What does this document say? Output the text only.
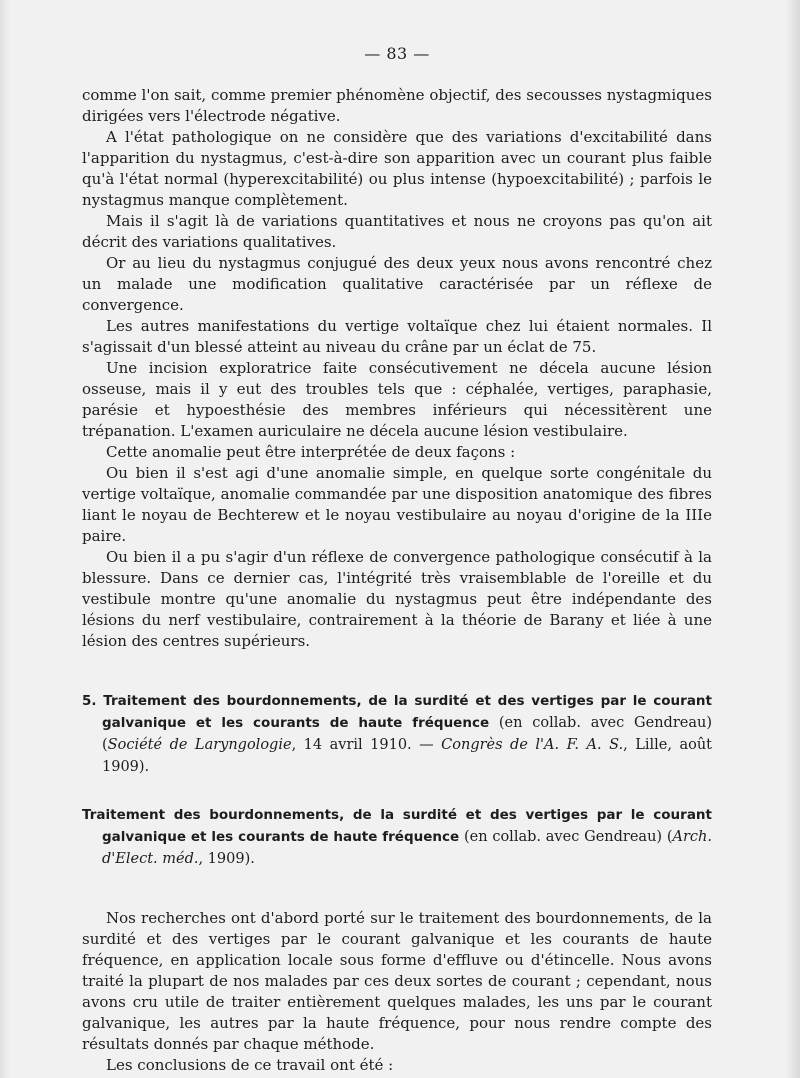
— 83 —

comme l'on sait, comme premier phénomène objectif, des secousses nystagmiques dirigées vers l'électrode négative.

A l'état pathologique on ne considère que des variations d'excitabilité dans l'apparition du nystagmus, c'est-à-dire son apparition avec un courant plus faible qu'à l'état normal (hyperexcitabilité) ou plus intense (hypoexcitabilité) ; parfois le nystagmus manque complètement.

Mais il s'agit là de variations quantitatives et nous ne croyons pas qu'on ait décrit des variations qualitatives.

Or au lieu du nystagmus conjugué des deux yeux nous avons rencontré chez un malade une modification qualitative caractérisée par un réflexe de convergence.

Les autres manifestations du vertige voltaïque chez lui étaient normales. Il s'agissait d'un blessé atteint au niveau du crâne par un éclat de 75.

Une incision exploratrice faite consécutivement ne décela aucune lésion osseuse, mais il y eut des troubles tels que : céphalée, vertiges, paraphasie, parésie et hypoesthésie des membres inférieurs qui nécessitèrent une trépanation. L'examen auriculaire ne décela aucune lésion vestibulaire.

Cette anomalie peut être interprétée de deux façons :

Ou bien il s'est agi d'une anomalie simple, en quelque sorte congénitale du vertige voltaïque, anomalie commandée par une disposition anatomique des fibres liant le noyau de Bechterew et le noyau vestibulaire au noyau d'origine de la IIIe paire.

Ou bien il a pu s'agir d'un réflexe de convergence pathologique consécutif à la blessure. Dans ce dernier cas, l'intégrité très vraisemblable de l'oreille et du vestibule montre qu'une anomalie du nystagmus peut être indépendante des lésions du nerf vestibulaire, contrairement à la théorie de Barany et liée à une lésion des centres supérieurs.

5. Traitement des bourdonnements, de la surdité et des vertiges par le courant galvanique et les courants de haute fréquence (en collab. avec Gendreau) (Société de Laryngologie, 14 avril 1910. — Congrès de l'A. F. A. S., Lille, août 1909).

Traitement des bourdonnements, de la surdité et des vertiges par le courant galvanique et les courants de haute fréquence (en collab. avec Gendreau) (Arch. d'Elect. méd., 1909).

Nos recherches ont d'abord porté sur le traitement des bourdonnements, de la surdité et des vertiges par le courant galvanique et les courants de haute fréquence, en application locale sous forme d'effluve ou d'étincelle. Nous avons traité la plupart de nos malades par ces deux sortes de courant ; cependant, nous avons cru utile de traiter entièrement quelques malades, les uns par le courant galvanique, les autres par la haute fréquence, pour nous rendre compte des résultats donnés par chaque méthode.

Les conclusions de ce travail ont été :
